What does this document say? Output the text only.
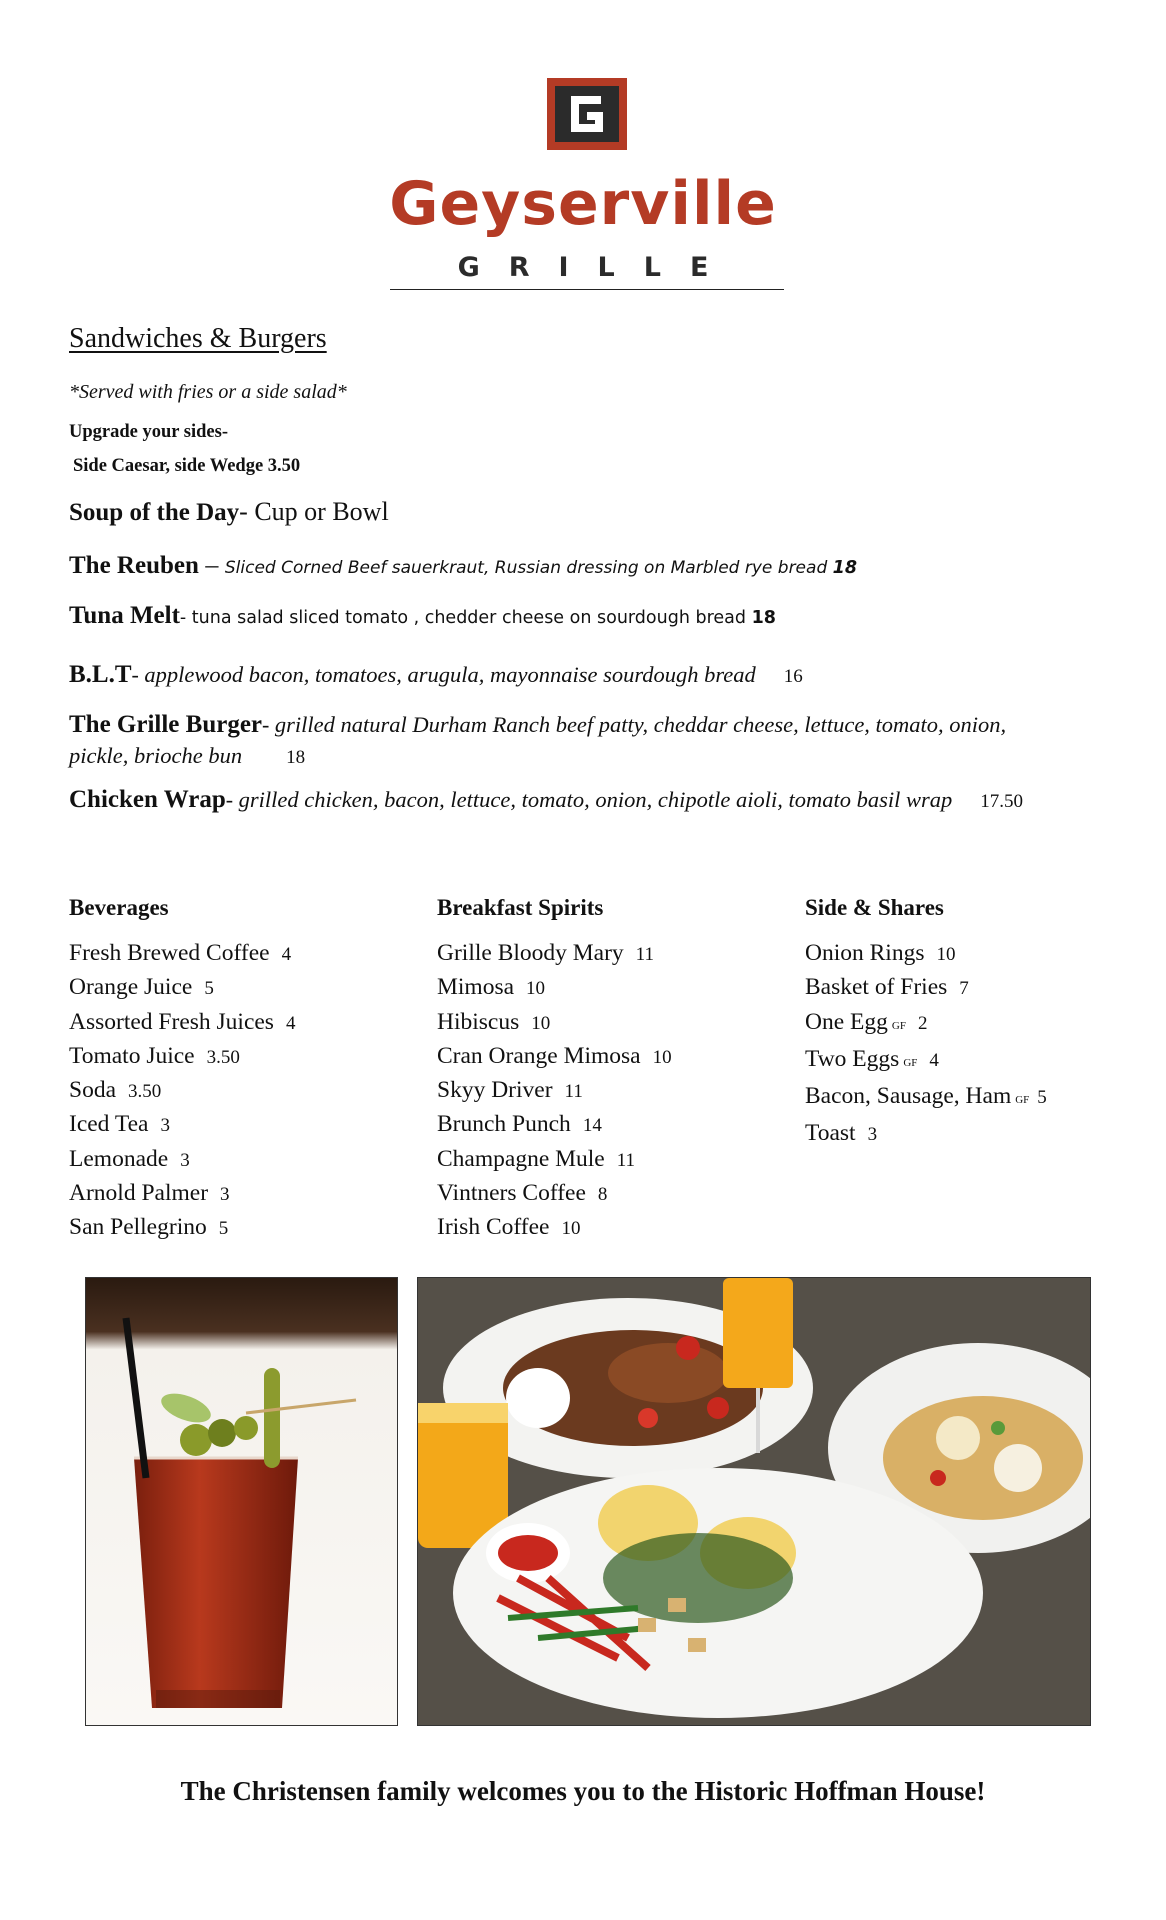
Geyserville
GRILLE
Sandwiches & Burgers
*Served with fries or a side salad*
Upgrade your sides-
Side Caesar, side Wedge 3.50
Soup of the Day- Cup or Bowl
The Reuben – Sliced Corned Beef sauerkraut, Russian dressing on Marbled rye bread 18
Tuna Melt- tuna salad sliced tomato , chedder cheese on sourdough bread 18
B.L.T- applewood bacon, tomatoes, arugula, mayonnaise sourdough bread 16
The Grille Burger- grilled natural Durham Ranch beef patty, cheddar cheese, lettuce, tomato, onion,
pickle, brioche bun 18
Chicken Wrap- grilled chicken, bacon, lettuce, tomato, onion, chipotle aioli, tomato basil wrap 17.50
Beverages
Fresh Brewed Coffee 4
Orange Juice 5
Assorted Fresh Juices 4
Tomato Juice 3.50
Soda 3.50
Iced Tea 3
Lemonade 3
Arnold Palmer 3
San Pellegrino 5
Breakfast Spirits
Grille Bloody Mary 11
Mimosa 10
Hibiscus 10
Cran Orange Mimosa 10
Skyy Driver 11
Brunch Punch 14
Champagne Mule 11
Vintners Coffee 8
Irish Coffee 10
Side & Shares
Onion Rings 10
Basket of Fries 7
One Egg GF 2
Two Eggs GF 4
Bacon, Sausage, Ham GF 5
Toast 3
The Christensen family welcomes you to the Historic Hoffman House!
